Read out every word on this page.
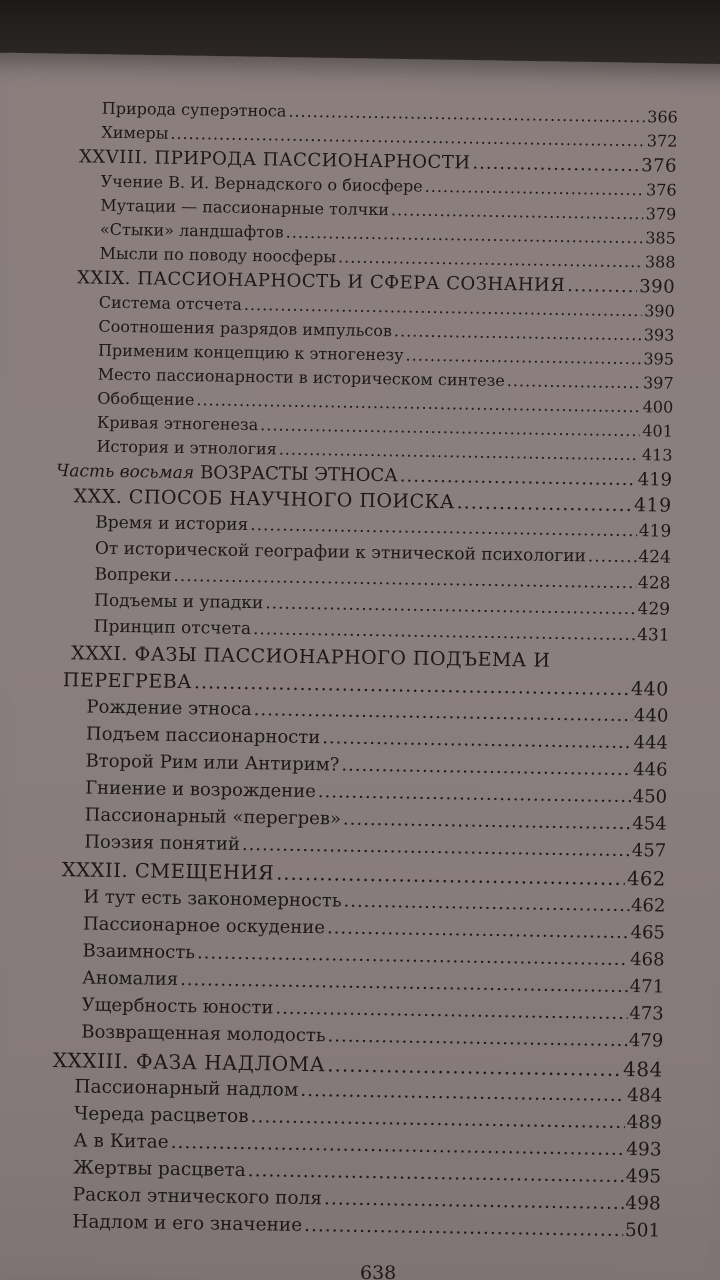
Природа суперэтноса .....	366
Химеры .....	372
XXVIII. ПРИРОДА ПАССИОНАРНОСТИ .....	376
Учение В. И. Вернадского о биосфере .....	376
Мутации — пассионарные толчки .....	379
«Стыки» ландшафтов .....	385
Мысли по поводу ноосферы .....	388
XXIX. ПАССИОНАРНОСТЬ И СФЕРА СОЗНАНИЯ .....	390
Система отсчета .....	390
Соотношения разрядов импульсов .....	393
Применим концепцию к этногенезу .....	395
Место пассионарности в историческом синтезе .....	397
Обобщение .....	400
Кривая этногенеза .....	401
История и этнология .....	413
Часть восьмая ВОЗРАСТЫ ЭТНОСА .....	419
XXX. СПОСОБ НАУЧНОГО ПОИСКА .....	419
Время и история .....	419
От исторической географии к этнической психологии .....	424
Вопреки .....	428
Подъемы и упадки .....	429
Принцип отсчета .....	431
XXXI. ФАЗЫ ПАССИОНАРНОГО ПОДЪЕМА И
ПЕРЕГРЕВА .....	440
Рождение этноса .....	440
Подъем пассионарности .....	444
Второй Рим или Антирим? .....	446
Гниение и возрождение .....	450
Пассионарный «перегрев» .....	454
Поэзия понятий .....	457
XXXII. СМЕЩЕНИЯ .....	462
И тут есть закономерность .....	462
Пассионарное оскудение .....	465
Взаимность .....	468
Аномалия .....	471
Ущербность юности .....	473
Возвращенная молодость .....	479
XXXIII. ФАЗА НАДЛОМА .....	484
Пассионарный надлом .....	484
Череда расцветов .....	489
А в Китае .....	493
Жертвы расцвета .....	495
Раскол этнического поля .....	498
Надлом и его значение .....	501
638
